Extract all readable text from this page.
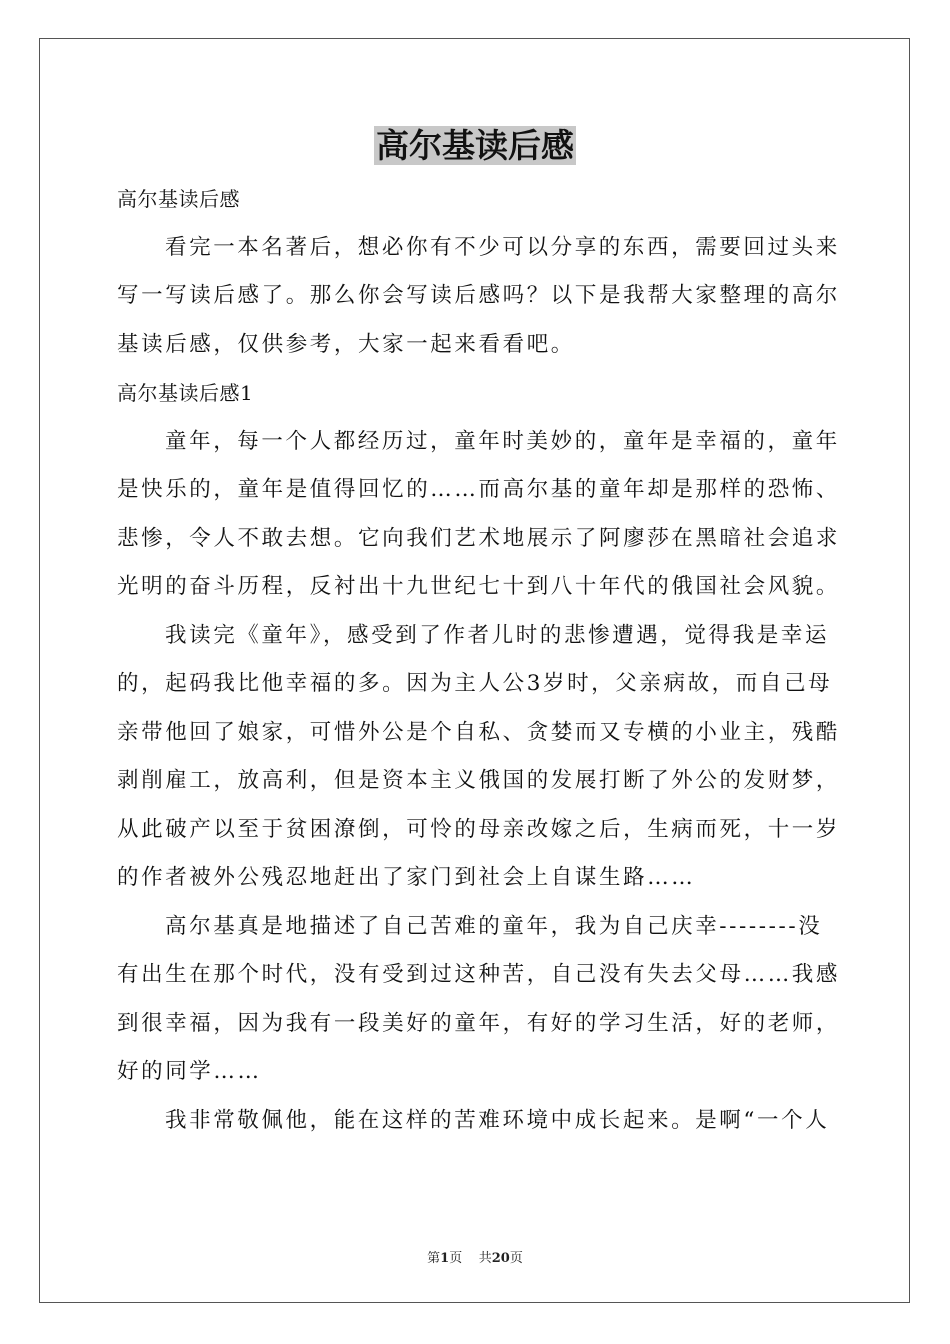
高尔基读后感

高尔基读后感

看完一本名著后，想必你有不少可以分享的东西，需要回过头来

写一写读后感了。那么你会写读后感吗？以下是我帮大家整理的高尔

基读后感，仅供参考，大家一起来看看吧。

高尔基读后感1

童年，每一个人都经历过，童年时美妙的，童年是幸福的，童年

是快乐的，童年是值得回忆的……而高尔基的童年却是那样的恐怖、

悲惨，令人不敢去想。它向我们艺术地展示了阿廖莎在黑暗社会追求

光明的奋斗历程，反衬出十九世纪七十到八十年代的俄国社会风貌。

我读完《童年》，感受到了作者儿时的悲惨遭遇，觉得我是幸运

的，起码我比他幸福的多。因为主人公3岁时，父亲病故，而自己母

亲带他回了娘家，可惜外公是个自私、贪婪而又专横的小业主，残酷

剥削雇工，放高利，但是资本主义俄国的发展打断了外公的发财梦，

从此破产以至于贫困潦倒，可怜的母亲改嫁之后，生病而死，十一岁

的作者被外公残忍地赶出了家门到社会上自谋生路……

高尔基真是地描述了自己苦难的童年，我为自己庆幸--------没

有出生在那个时代，没有受到过这种苦，自己没有失去父母……我感

到很幸福，因为我有一段美好的童年，有好的学习生活，好的老师，

好的同学……

我非常敬佩他，能在这样的苦难环境中成长起来。是啊“一个人

第1页 共20页
